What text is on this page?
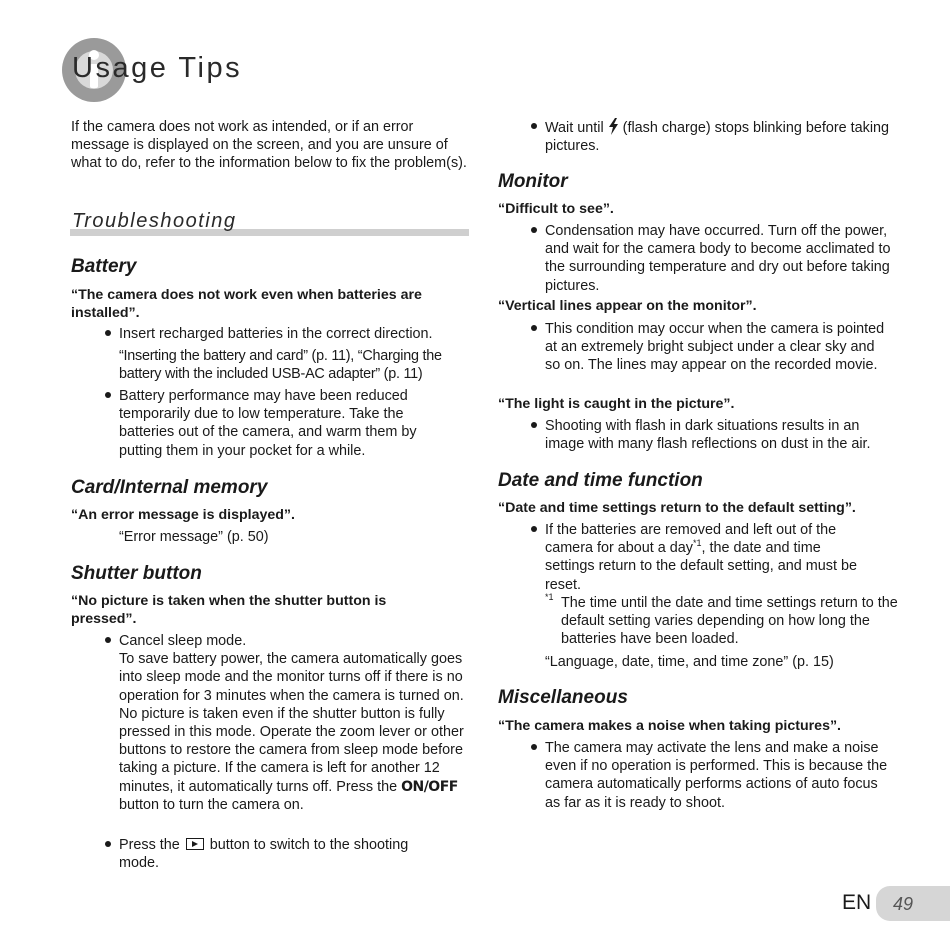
Usage Tips
If the camera does not work as intended, or if an error message is displayed on the screen, and you are unsure of what to do, refer to the information below to fix the problem(s).
Troubleshooting
Battery
“The camera does not work even when batteries are installed”.
Insert recharged batteries in the correct direction.
“Inserting the battery and card” (p. 11), “Charging the battery with the included USB-AC adapter” (p. 11)
Battery performance may have been reduced temporarily due to low temperature. Take the batteries out of the camera, and warm them by putting them in your pocket for a while.
Card/Internal memory
“An error message is displayed”.
“Error message” (p. 50)
Shutter button
“No picture is taken when the shutter button is pressed”.
Cancel sleep mode.
To save battery power, the camera automatically goes into sleep mode and the monitor turns off if there is no operation for 3 minutes when the camera is turned on. No picture is taken even if the shutter button is fully pressed in this mode. Operate the zoom lever or other buttons to restore the camera from sleep mode before taking a picture. If the camera is left for another 12 minutes, it automatically turns off. Press the ON/OFF button to turn the camera on.
Press the button to switch to the shooting mode.
Wait until (flash charge) stops blinking before taking pictures.
Monitor
“Difficult to see”.
Condensation may have occurred. Turn off the power, and wait for the camera body to become acclimated to the surrounding temperature and dry out before taking pictures.
“Vertical lines appear on the monitor”.
This condition may occur when the camera is pointed at an extremely bright subject under a clear sky and so on. The lines may appear on the recorded movie.
“The light is caught in the picture”.
Shooting with flash in dark situations results in an image with many flash reflections on dust in the air.
Date and time function
“Date and time settings return to the default setting”.
If the batteries are removed and left out of the camera for about a day$^{*1}$, the date and time settings return to the default setting, and must be reset.
*1 The time until the date and time settings return to the default setting varies depending on how long the batteries have been loaded.
“Language, date, time, and time zone” (p. 15)
Miscellaneous
“The camera makes a noise when taking pictures”.
The camera may activate the lens and make a noise even if no operation is performed. This is because the camera automatically performs actions of auto focus as far as it is ready to shoot.
EN 49
